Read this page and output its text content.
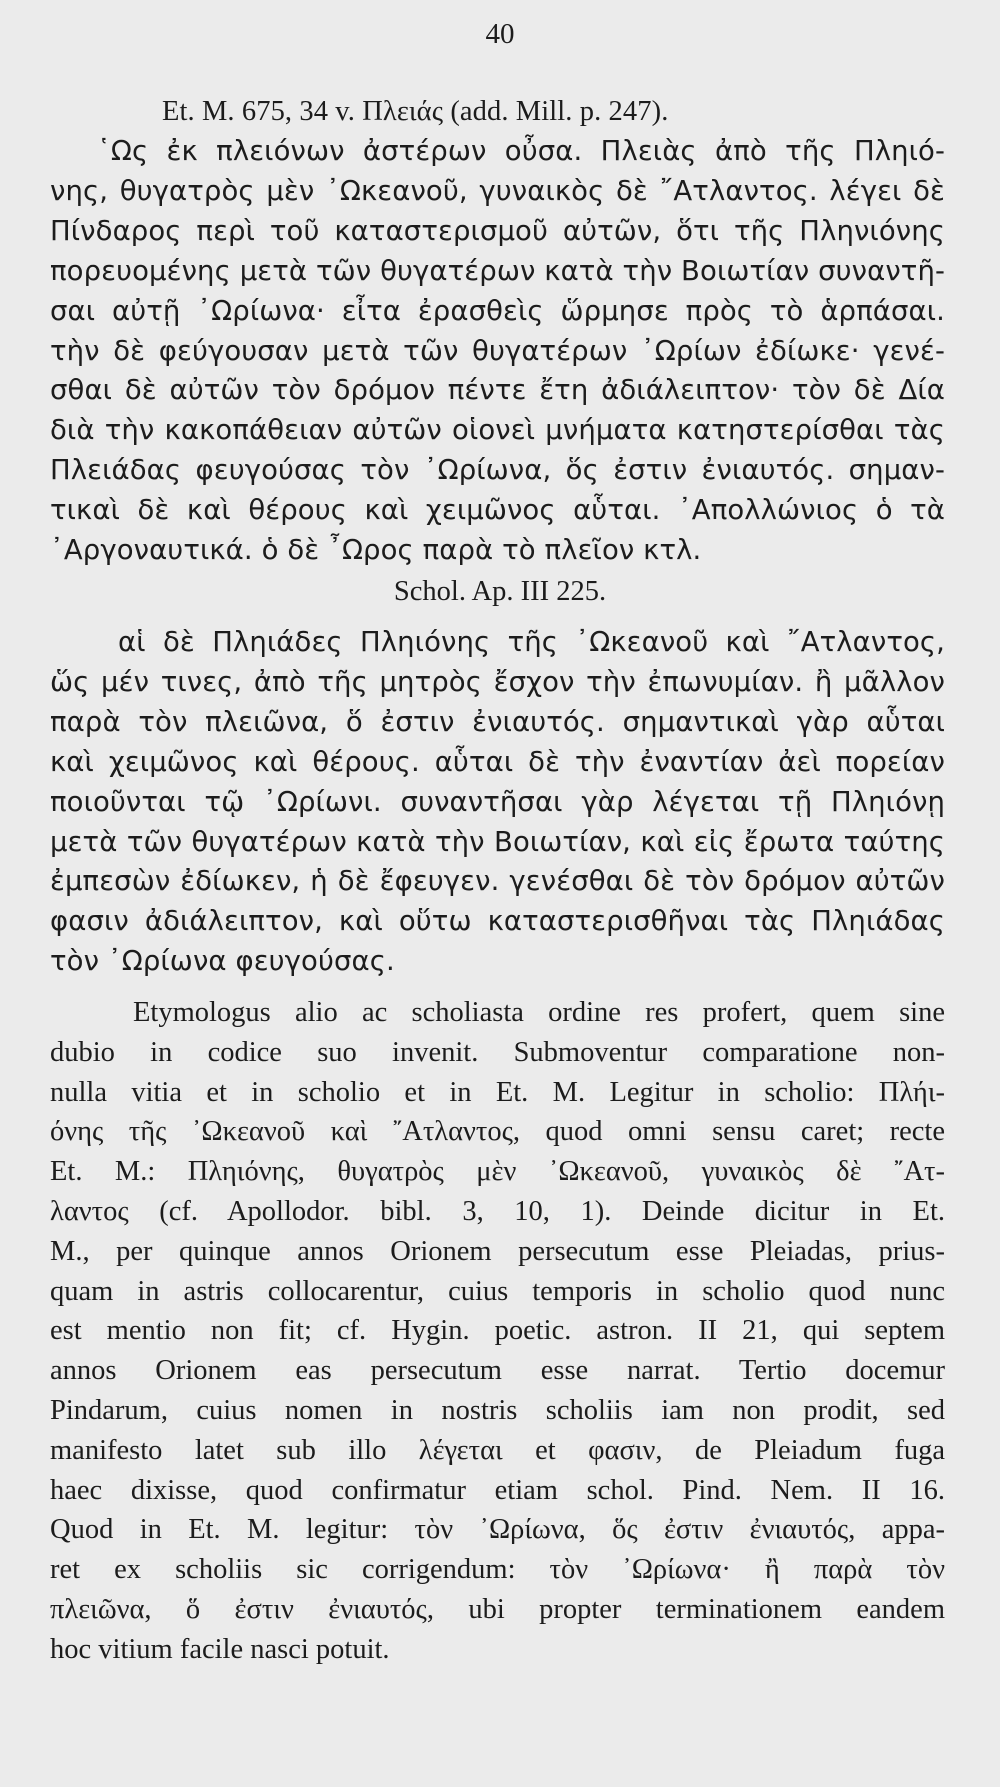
40
Et. M. 675, 34 v. Πλειάς (add. Mill. p. 247).
῾Ως ἐκ πλειόνων ἀστέρων οὖσα. Πλειὰς ἀπὸ τῆς Πληιό-
νης, θυγατρὸς μὲν ᾿Ωκεανοῦ, γυναικὸς δὲ ῎Ατλαντος. λέγει δὲ
Πίνδαρος περὶ τοῦ καταστερισμοῦ αὐτῶν, ὅτι τῆς Πληνιόνης
πορευομένης μετὰ τῶν θυγατέρων κατὰ τὴν Βοιωτίαν συναντῆ-
σαι αὐτῇ ᾿Ωρίωνα· εἶτα ἐρασθεὶς ὥρμησε πρὸς τὸ ἁρπάσαι.
τὴν δὲ φεύγουσαν μετὰ τῶν θυγατέρων ᾿Ωρίων ἐδίωκε· γενέ-
σθαι δὲ αὐτῶν τὸν δρόμον πέντε ἔτη ἀδιάλειπτον· τὸν δὲ Δία
διὰ τὴν κακοπάθειαν αὐτῶν οἱονεὶ μνήματα κατηστερίσθαι τὰς
Πλειάδας φευγούσας τὸν ᾿Ωρίωνα, ὅς ἐστιν ἐνιαυτός. σημαν-
τικαὶ δὲ καὶ θέρους καὶ χειμῶνος αὗται. ᾿Απολλώνιος ὁ τὰ
᾿Αργοναυτικά. ὁ δὲ ῏Ωρος παρὰ τὸ πλεῖον κτλ.
Schol. Ap. III 225.
αἱ δὲ Πληιάδες Πληιόνης τῆς ᾿Ωκεανοῦ καὶ ῎Ατλαντος,
ὥς μέν τινες, ἀπὸ τῆς μητρὸς ἔσχον τὴν ἐπωνυμίαν. ἢ μᾶλλον
παρὰ τὸν πλειῶνα, ὅ ἐστιν ἐνιαυτός. σημαντικαὶ γὰρ αὗται
καὶ χειμῶνος καὶ θέρους. αὗται δὲ τὴν ἐναντίαν ἀεὶ πορείαν
ποιοῦνται τῷ ᾿Ωρίωνι. συναντῆσαι γὰρ λέγεται τῇ Πληιόνῃ
μετὰ τῶν θυγατέρων κατὰ τὴν Βοιωτίαν, καὶ εἰς ἔρωτα ταύτης
ἐμπεσὼν ἐδίωκεν, ἡ δὲ ἔφευγεν. γενέσθαι δὲ τὸν δρόμον αὐτῶν
φασιν ἀδιάλειπτον, καὶ οὕτω καταστερισθῆναι τὰς Πληιάδας
τὸν ᾿Ωρίωνα φευγούσας.
Etymologus alio ac scholiasta ordine res profert, quem sine
dubio in codice suo invenit. Submoventur comparatione non-
nulla vitia et in scholio et in Et. M. Legitur in scholio: Πλήι-
όνης τῆς ᾿Ωκεανοῦ καὶ ῎Ατλαντος, quod omni sensu caret; recte
Et. M.: Πληιόνης, θυγατρὸς μὲν ᾿Ωκεανοῦ, γυναικὸς δὲ ῎Ατ-
λαντος (cf. Apollodor. bibl. 3, 10, 1). Deinde dicitur in Et.
M., per quinque annos Orionem persecutum esse Pleiadas, prius-
quam in astris collocarentur, cuius temporis in scholio quod nunc
est mentio non fit; cf. Hygin. poetic. astron. II 21, qui septem
annos Orionem eas persecutum esse narrat. Tertio docemur
Pindarum, cuius nomen in nostris scholiis iam non prodit, sed
manifesto latet sub illo λέγεται et φασιν, de Pleiadum fuga
haec dixisse, quod confirmatur etiam schol. Pind. Nem. II 16.
Quod in Et. M. legitur: τὸν ᾿Ωρίωνα, ὅς ἐστιν ἐνιαυτός, appa-
ret ex scholiis sic corrigendum: τὸν ᾿Ωρίωνα· ἢ παρὰ τὸν
πλειῶνα, ὅ ἐστιν ἐνιαυτός, ubi propter terminationem eandem
hoc vitium facile nasci potuit.
